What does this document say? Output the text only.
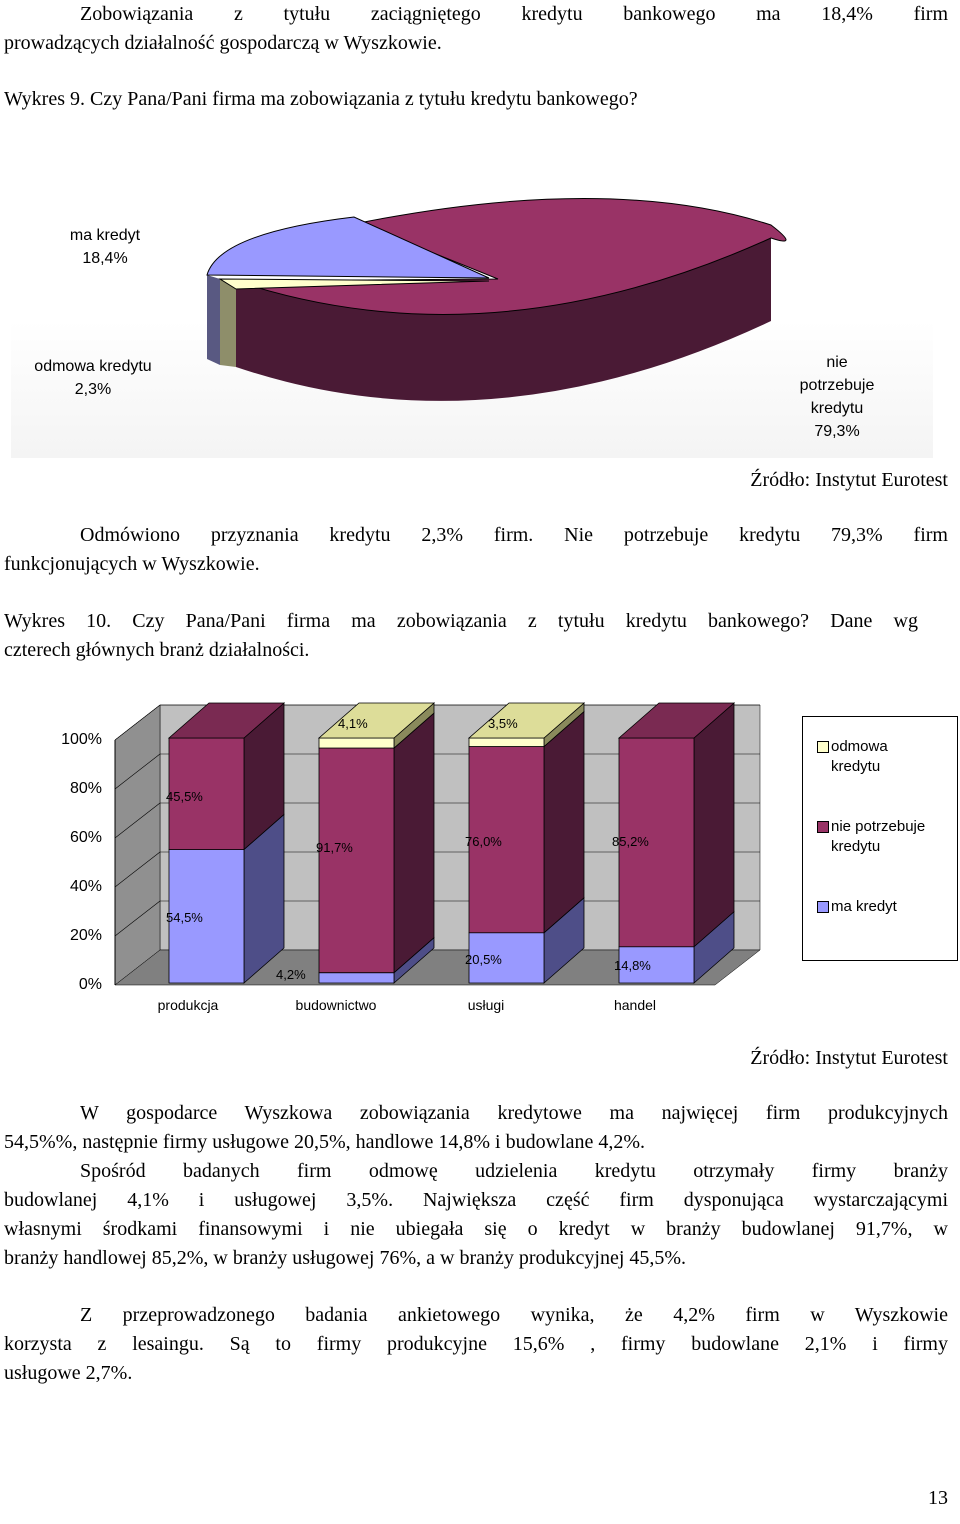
Zobowiązania z tytułu zaciągniętego kredytu bankowego ma 18,4% firm

prowadzących działalność gospodarczą w Wyszkowie.

Wykres 9. Czy Pana/Pani firma ma zobowiązania z tytułu kredytu bankowego?

ma kredyt
18,4%
odmowa kredytu
2,3%
nie potrzebuje kredytu
79,3%

Źródło: Instytut Eurotest

Odmówiono przyznania kredytu 2,3% firm. Nie potrzebuje kredytu 79,3% firm

funkcjonujących w Wyszkowie.

Wykres 10. Czy Pana/Pani firma ma zobowiązania z tytułu kredytu bankowego? Dane wg

czterech głównych branż działalności.

100%
80%
60%
40%
20%
0%
45,5%
54,5%
4,1%
91,7%
4,2%
3,5%
76,0%
20,5%
85,2%
14,8%
produkcja	budownictwo	usługi	handel
odmowa
kredytu
nie potrzebuje
kredytu
ma kredyt

Źródło: Instytut Eurotest

W gospodarce Wyszkowa zobowiązania kredytowe ma najwięcej firm produkcyjnych

54,5%%, następnie firmy usługowe 20,5%, handlowe 14,8% i budowlane 4,2%.

Spośród badanych firm odmowę udzielenia kredytu otrzymały firmy branży

budowlanej 4,1% i usługowej 3,5%. Największa część firm dysponująca wystarczającymi

własnymi środkami finansowymi i nie ubiegała się o kredyt w branży budowlanej 91,7%, w

branży handlowej 85,2%, w branży usługowej 76%, a w branży produkcyjnej 45,5%.

Z przeprowadzonego badania ankietowego wynika, że 4,2% firm w Wyszkowie

korzysta z lesaingu. Są to firmy produkcyjne 15,6% , firmy budowlane 2,1% i firmy

usługowe 2,7%.

13
